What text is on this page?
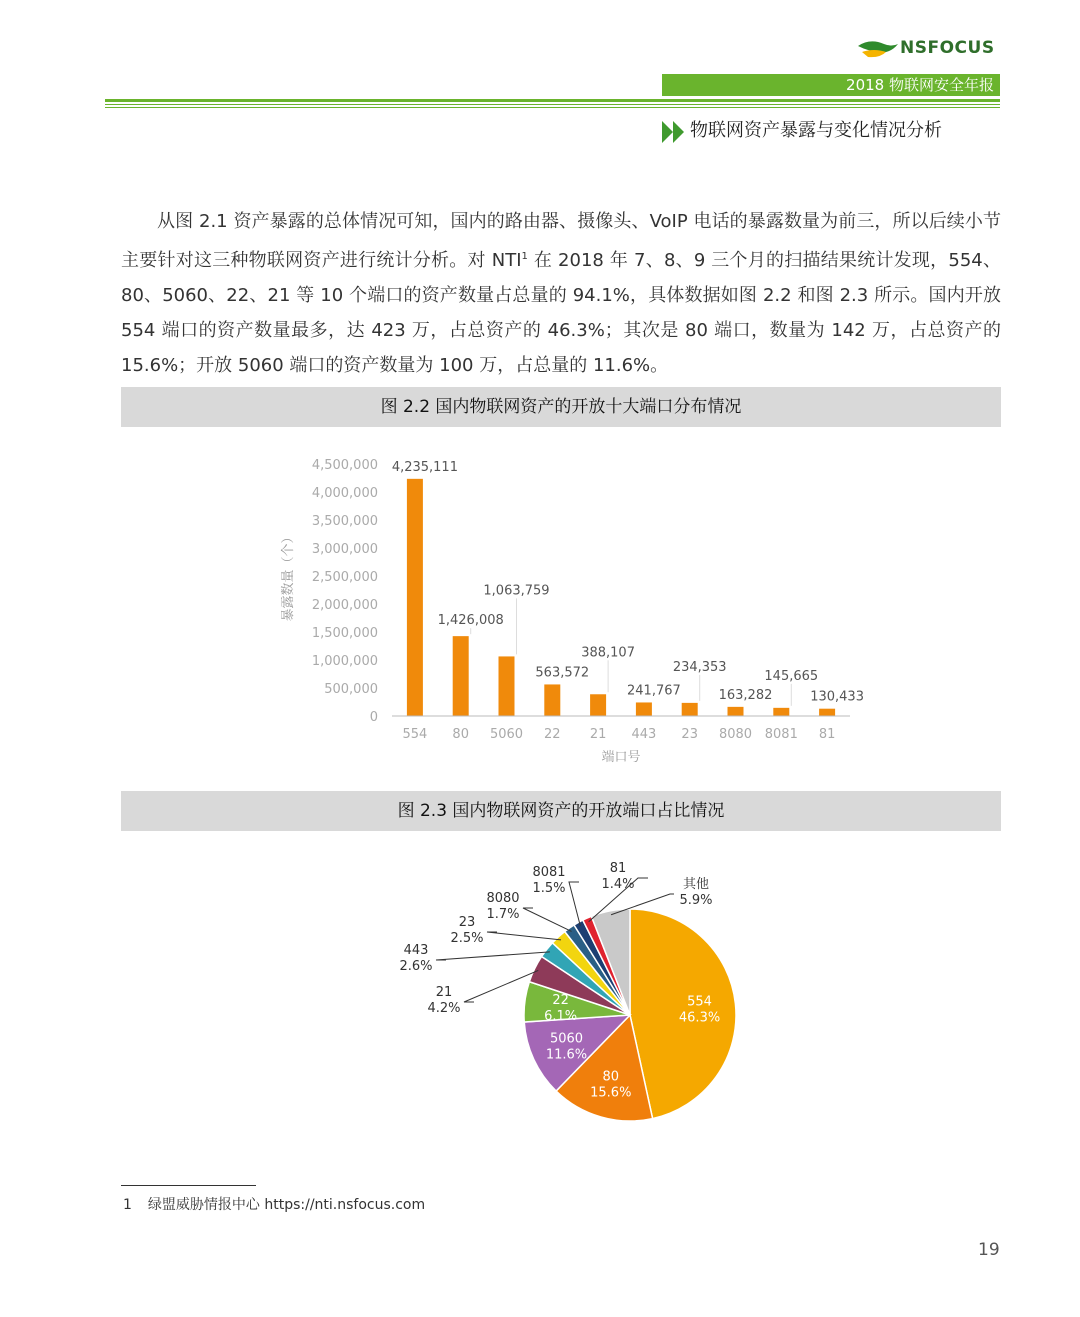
NSFOCUS
2018 物联网安全年报
物联网资产暴露与变化情况分析

从图 2.1 资产暴露的总体情况可知，国内的路由器、摄像头、VoIP 电话的暴露数量为前三，所以后续小节主要针对这三种物联网资产进行统计分析。对 NTI$^1$ 在 2018 年 7、8、9 三个月的扫描结果统计发现，554、80、5060、22、21 等 10 个端口的资产数量占总量的 94.1%，具体数据如图 2.2 和图 2.3 所示。国内开放 554 端口的资产数量最多，达 423 万，占总资产的 46.3%；其次是 80 端口，数量为 142 万，占总资产的 15.6%；开放 5060 端口的资产数量为 100 万，占总量的 11.6%。

图 2.2 国内物联网资产的开放十大端口分布情况
0
500,000
1,000,000
1,500,000
2,000,000
2,500,000
3,000,000
3,500,000
4,000,000
4,500,000 4,235,111
1,426,008
1,063,759
563,572
388,107
241,767
234,353
163,282
145,665
130,433
554 80 5060 22 21 443 23 8080 8081 81
暴露数量（个）
端口号
图 2.3 国内物联网资产的开放端口占比情况
554
46.3%
80
15.6%
5060
11.6%
22
6.1%
21
4.2%
443
2.6%
23
2.5%
8080
1.7%
8081
1.5%
81
1.4%	其他
5.9%
1 绿盟威胁情报中心 https://nti.nsfocus.com
19
